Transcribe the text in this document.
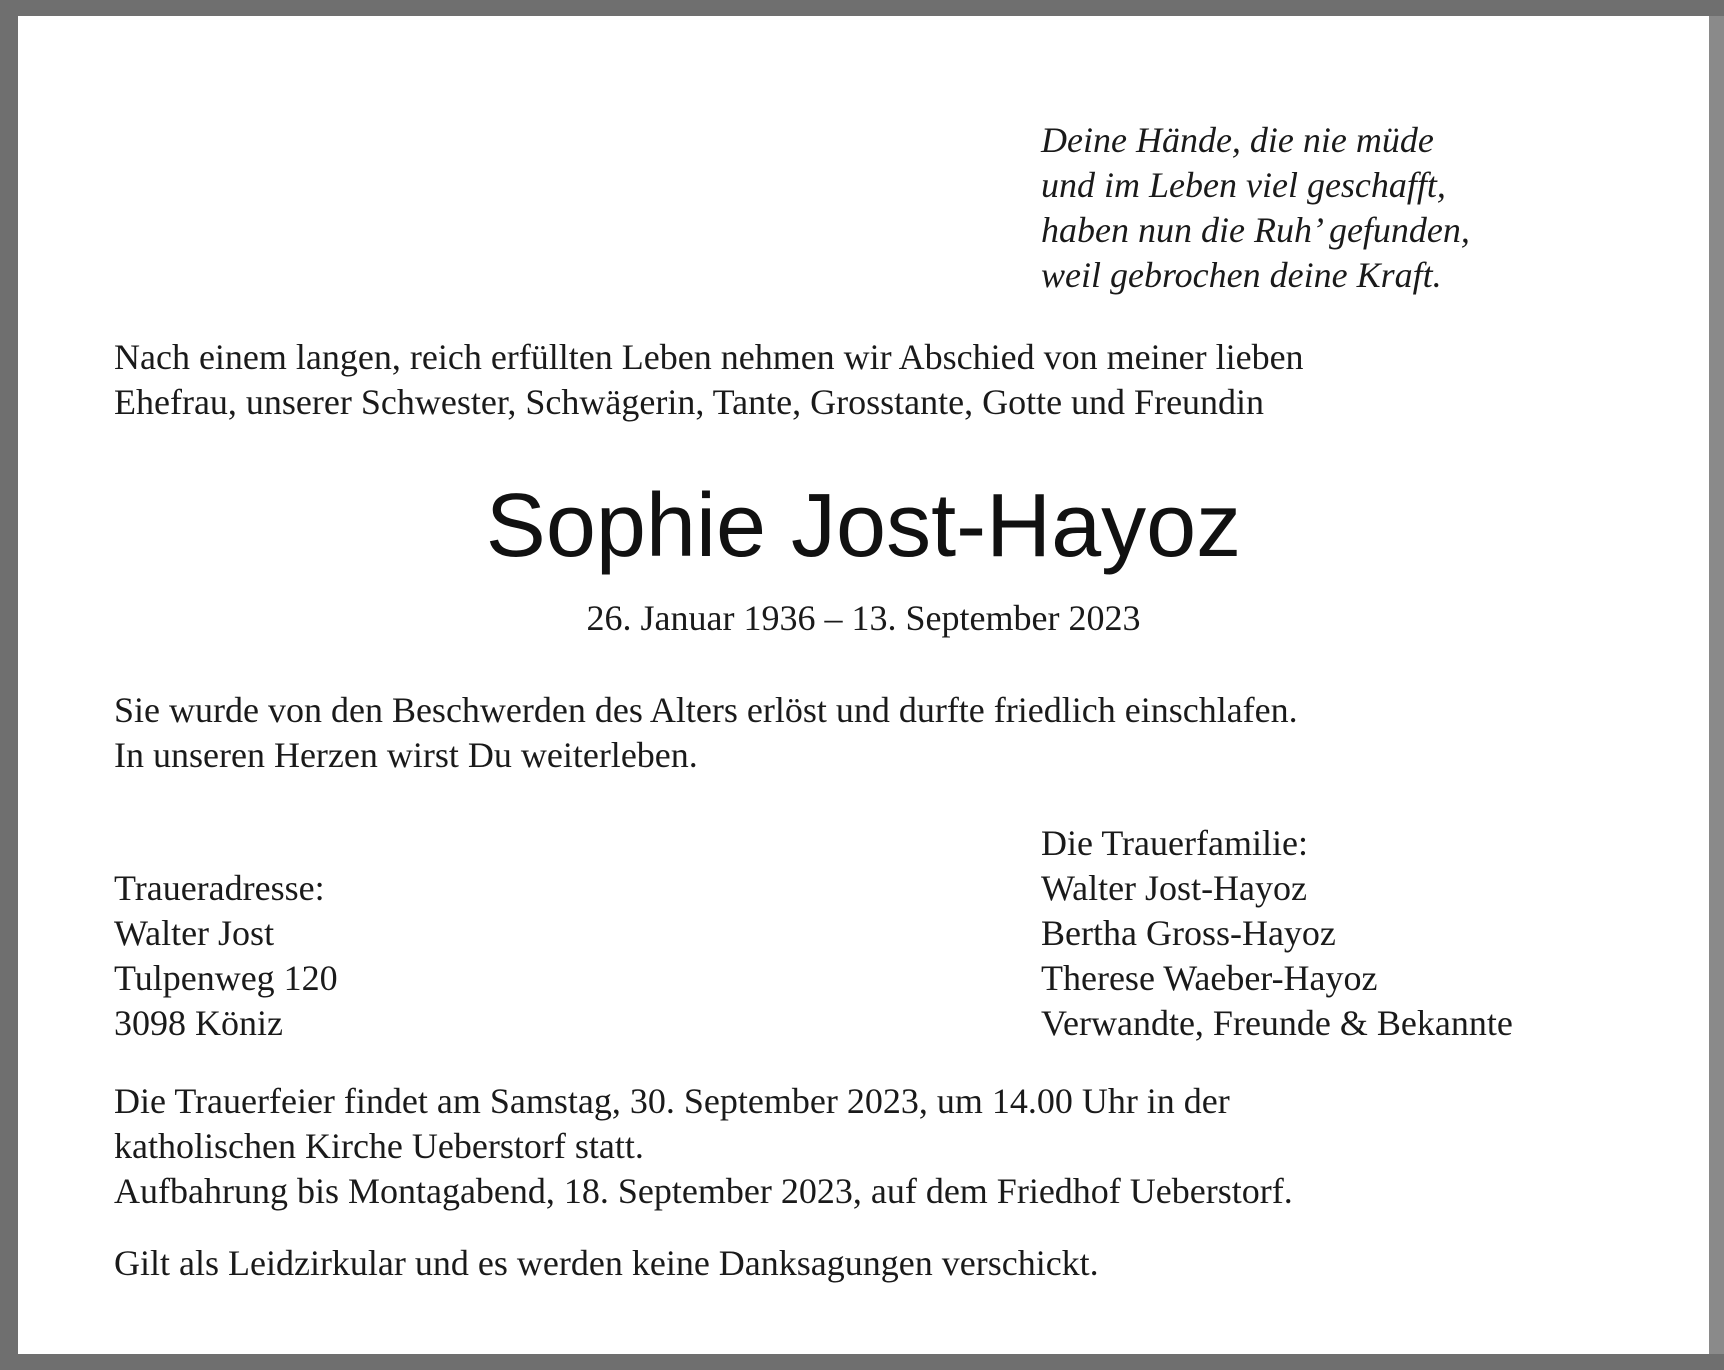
Deine Hände, die nie müde
und im Leben viel geschafft,
haben nun die Ruh’ gefunden,
weil gebrochen deine Kraft.
Nach einem langen, reich erfüllten Leben nehmen wir Abschied von meiner lieben
Ehefrau, unserer Schwester, Schwägerin, Tante, Grosstante, Gotte und Freundin
Sophie Jost-Hayoz
26. Januar 1936 – 13. September 2023
Sie wurde von den Beschwerden des Alters erlöst und durfte friedlich einschlafen.
In unseren Herzen wirst Du weiterleben.
Traueradresse:
Walter Jost
Tulpenweg 120
3098 Köniz
Die Trauerfamilie:
Walter Jost-Hayoz
Bertha Gross-Hayoz
Therese Waeber-Hayoz
Verwandte, Freunde & Bekannte
Die Trauerfeier findet am Samstag, 30. September 2023, um 14.00 Uhr in der
katholischen Kirche Ueberstorf statt.
Aufbahrung bis Montagabend, 18. September 2023, auf dem Friedhof Ueberstorf.
Gilt als Leidzirkular und es werden keine Danksagungen verschickt.
